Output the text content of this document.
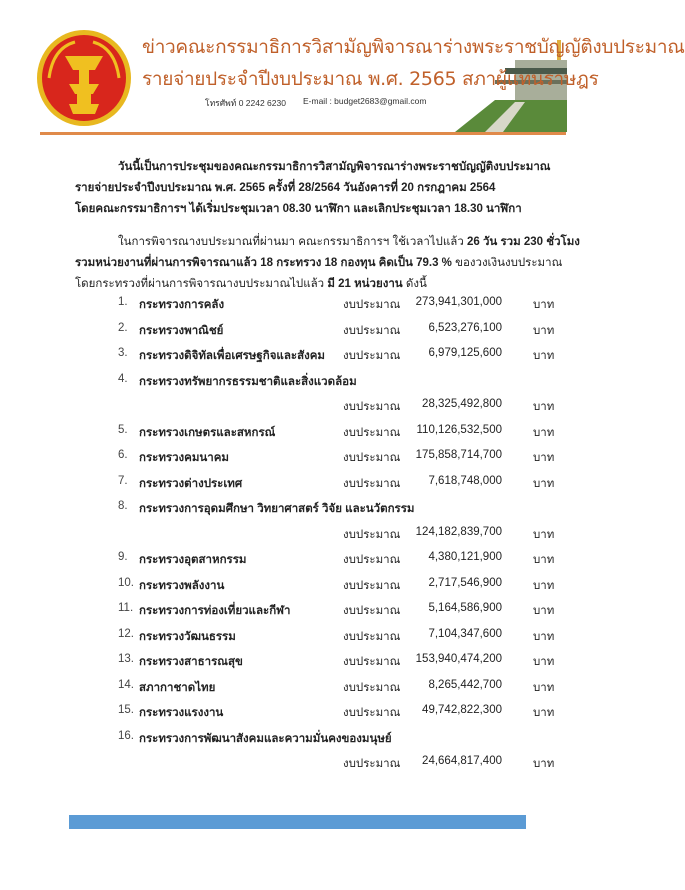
ข่าวคณะกรรมาธิการวิสามัญพิจารณาร่างพระราชบัญญัติงบประมาณ
รายจ่ายประจำปีงบประมาณ พ.ศ. 2565 สภาผู้แทนราษฎร
โทรศัพท์ 0 2242 6230 E-mail : budget2683@gmail.com
วันนี้เป็นการประชุมของคณะกรรมาธิการวิสามัญพิจารณาร่างพระราชบัญญัติงบประมาณ
รายจ่ายประจำปีงบประมาณ พ.ศ. 2565 ครั้งที่ 28/2564 วันอังคารที่ 20 กรกฎาคม 2564
โดยคณะกรรมาธิการฯ ได้เริ่มประชุมเวลา 08.30 นาฬิกา และเลิกประชุมเวลา 18.30 นาฬิกา
ในการพิจารณางบประมาณที่ผ่านมา คณะกรรมาธิการฯ ใช้เวลาไปแล้ว 26 วัน รวม 230 ชั่วโมง
รวมหน่วยงานที่ผ่านการพิจารณาแล้ว 18 กระทรวง 18 กองทุน คิดเป็น 79.3 % ของวงเงินงบประมาณ
โดยกระทรวงที่ผ่านการพิจารณางบประมาณไปแล้ว มี 21 หน่วยงาน ดังนี้
1. กระทรวงการคลัง	งบประมาณ 273,941,301,000	บาท
2. กระทรวงพาณิชย์	งบประมาณ 6,523,276,100	บาท
3. กระทรวงดิจิทัลเพื่อเศรษฐกิจและสังคม งบประมาณ 6,979,125,600	บาท
4. กระทรวงทรัพยากรธรรมชาติและสิ่งแวดล้อม
งบประมาณ 28,325,492,800	บาท
5. กระทรวงเกษตรและสหกรณ์	งบประมาณ 110,126,532,500	บาท
6. กระทรวงคมนาคม	งบประมาณ 175,858,714,700	บาท
7. กระทรวงต่างประเทศ	งบประมาณ 7,618,748,000	บาท
8. กระทรวงการอุดมศึกษา วิทยาศาสตร์ วิจัย และนวัตกรรม
งบประมาณ 124,182,839,700	บาท
9. กระทรวงอุตสาหกรรม	งบประมาณ 4,380,121,900	บาท
10. กระทรวงพลังงาน	งบประมาณ 2,717,546,900	บาท
11. กระทรวงการท่องเที่ยวและกีฬา	งบประมาณ 5,164,586,900	บาท
12. กระทรวงวัฒนธรรม	งบประมาณ 7,104,347,600	บาท
13. กระทรวงสาธารณสุข	งบประมาณ 153,940,474,200	บาท
14. สภากาชาดไทย	งบประมาณ 8,265,442,700	บาท
15. กระทรวงแรงงาน	งบประมาณ 49,742,822,300	บาท
16. กระทรวงการพัฒนาสังคมและความมั่นคงของมนุษย์
งบประมาณ 24,664,817,400	บาท
